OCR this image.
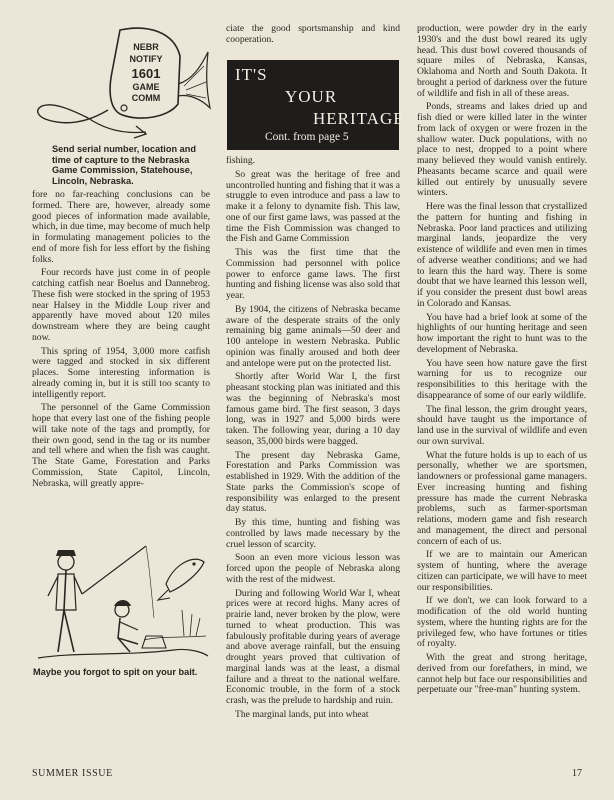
NEBR
NOTIFY
1601
GAME
COMM
Send serial number, location and time of capture to the Nebraska Game Commission, Statehouse, Lincoln, Nebraska.

fore no far-reaching conclusions can be formed. There are, however, already some good pieces of information made available, which, in due time, may become of much help in formulating management policies to the end of more fish for less effort by the fishing folks.

Four records have just come in of people catching catfish near Boelus and Dannebrog. These fish were stocked in the spring of 1953 near Halsey in the Middle Loup river and apparently have moved about 120 miles downstream where they are being caught now.

This spring of 1954, 3,000 more catfish were tagged and stocked in six different places. Some interesting information is already coming in, but it is still too scanty to intelligently report.

The personnel of the Game Commission hope that every last one of the fishing people will take note of the tags and promptly, for their own good, send in the tag or its number and tell where and when the fish was caught. The State Game, Forestation and Parks Commission, State Capitol, Lincoln, Nebraska, will greatly appre-

Maybe you forgot to spit on your bait.

ciate the good sportsmanship and kind cooperation.

IT'S
YOUR
HERITAGE
Cont. from page 5

fishing.

So great was the heritage of free and uncontrolled hunting and fishing that it was a struggle to even introduce and pass a law to make it a felony to dynamite fish. This law, one of our first game laws, was passed at the time the Fish Commission was changed to the Fish and Game Commission

This was the first time that the Commission had personnel with police power to enforce game laws. The first hunting and fishing license was also sold that year.

By 1904, the citizens of Nebraska became aware of the desperate straits of the only remaining big game animals—50 deer and 100 antelope in western Nebraska. Public opinion was finally aroused and both deer and antelope were put on the protected list.

Shortly after World War I, the first pheasant stocking plan was initiated and this was the beginning of Nebraska's most famous game bird. The first season, 3 days long, was in 1927 and 5,000 birds were taken. The following year, during a 10 day season, 35,000 birds were bagged.

The present day Nebraska Game, Forestation and Parks Commission was established in 1929. With the addition of the State parks the Commission's scope of responsibility was enlarged to the present day status.

By this time, hunting and fishing was controlled by laws made necessary by the cruel lesson of scarcity.

Soon an even more vicious lesson was forced upon the people of Nebraska along with the rest of the midwest.

During and following World War I, wheat prices were at record highs. Many acres of prairie land, never broken by the plow, were turned to wheat production. This was fabulously profitable during years of average and above average rainfall, but the ensuing drought years proved that cultivation of marginal lands was at the least, a dismal failure and a threat to the national welfare. Economic trouble, in the form of a stock crash, was the prelude to hardship and ruin.

The marginal lands, put into wheat

production, were powder dry in the early 1930's and the dust bowl reared its ugly head. This dust bowl covered thousands of square miles of Nebraska, Kansas, Oklahoma and North and South Dakota. It brought a period of darkness over the future of wildlife and fish in all of these areas.

Ponds, streams and lakes dried up and fish died or were killed later in the winter from lack of oxygen or were frozen in the shallow water. Duck populations, with no place to nest, dropped to a point where many believed they would vanish entirely. Pheasants became scarce and quail were killed out entirely by unusually severe winters.

Here was the final lesson that crystallized the pattern for hunting and fishing in Nebraska. Poor land practices and utilizing marginal lands, jeopardize the very existence of wildlife and even men in times of adverse weather conditions; and we had to learn this the hard way. There is some doubt that we have learned this lesson well, if you consider the present dust bowl areas in Colorado and Kansas.

You have had a brief look at some of the highlights of our hunting heritage and seen how important the right to hunt was to the development of Nebraska.

You have seen how nature gave the first warning for us to recognize our responsibilities to this heritage with the disappearance of some of our early wildlife.

The final lesson, the grim drought years, should have taught us the importance of land use in the survival of wildlife and even our own survival.

What the future holds is up to each of us personally, whether we are sportsmen, landowners or professional game managers. Ever increasing hunting and fishing pressure has made the current Nebraska problems, such as farmer-sportsman relations, modern game and fish research and management, the direct and personal concern of each of us.

If we are to maintain our American system of hunting, where the average citizen can participate, we will have to meet our responsibilities.

If we don't, we can look forward to a modification of the old world hunting system, where the hunting rights are for the privileged few, who have fortunes or titles of royalty.

With the great and strong heritage, derived from our forefathers, in mind, we cannot help but face our responsibilities and perpetuate our "free-man" hunting system.

SUMMER ISSUE	17
